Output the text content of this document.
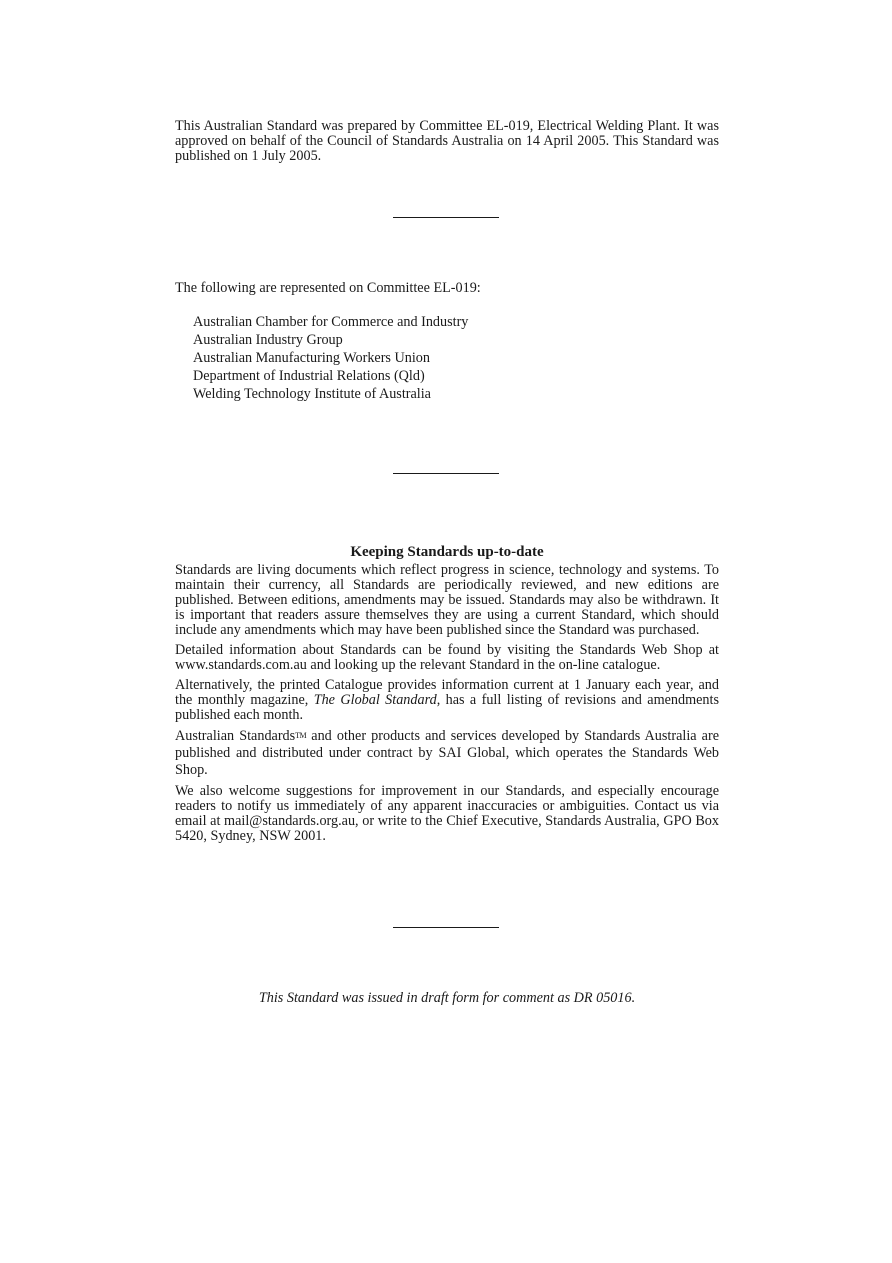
This Australian Standard was prepared by Committee EL-019, Electrical Welding Plant. It was approved on behalf of the Council of Standards Australia on 14 April 2005. This Standard was published on 1 July 2005.

The following are represented on Committee EL-019:

Australian Chamber for Commerce and Industry
Australian Industry Group
Australian Manufacturing Workers Union
Department of Industrial Relations (Qld)
Welding Technology Institute of Australia
Keeping Standards up-to-date

Standards are living documents which reflect progress in science, technology and systems. To maintain their currency, all Standards are periodically reviewed, and new editions are published. Between editions, amendments may be issued. Standards may also be withdrawn. It is important that readers assure themselves they are using a current Standard, which should include any amendments which may have been published since the Standard was purchased.

Detailed information about Standards can be found by visiting the Standards Web Shop at www.standards.com.au and looking up the relevant Standard in the on-line catalogue.

Alternatively, the printed Catalogue provides information current at 1 January each year, and the monthly magazine, The Global Standard, has a full listing of revisions and amendments published each month.

Australian Standards™ and other products and services developed by Standards Australia are published and distributed under contract by SAI Global, which operates the Standards Web Shop.

We also welcome suggestions for improvement in our Standards, and especially encourage readers to notify us immediately of any apparent inaccuracies or ambiguities. Contact us via email at mail@standards.org.au, or write to the Chief Executive, Standards Australia, GPO Box 5420, Sydney, NSW 2001.

This Standard was issued in draft form for comment as DR 05016.
